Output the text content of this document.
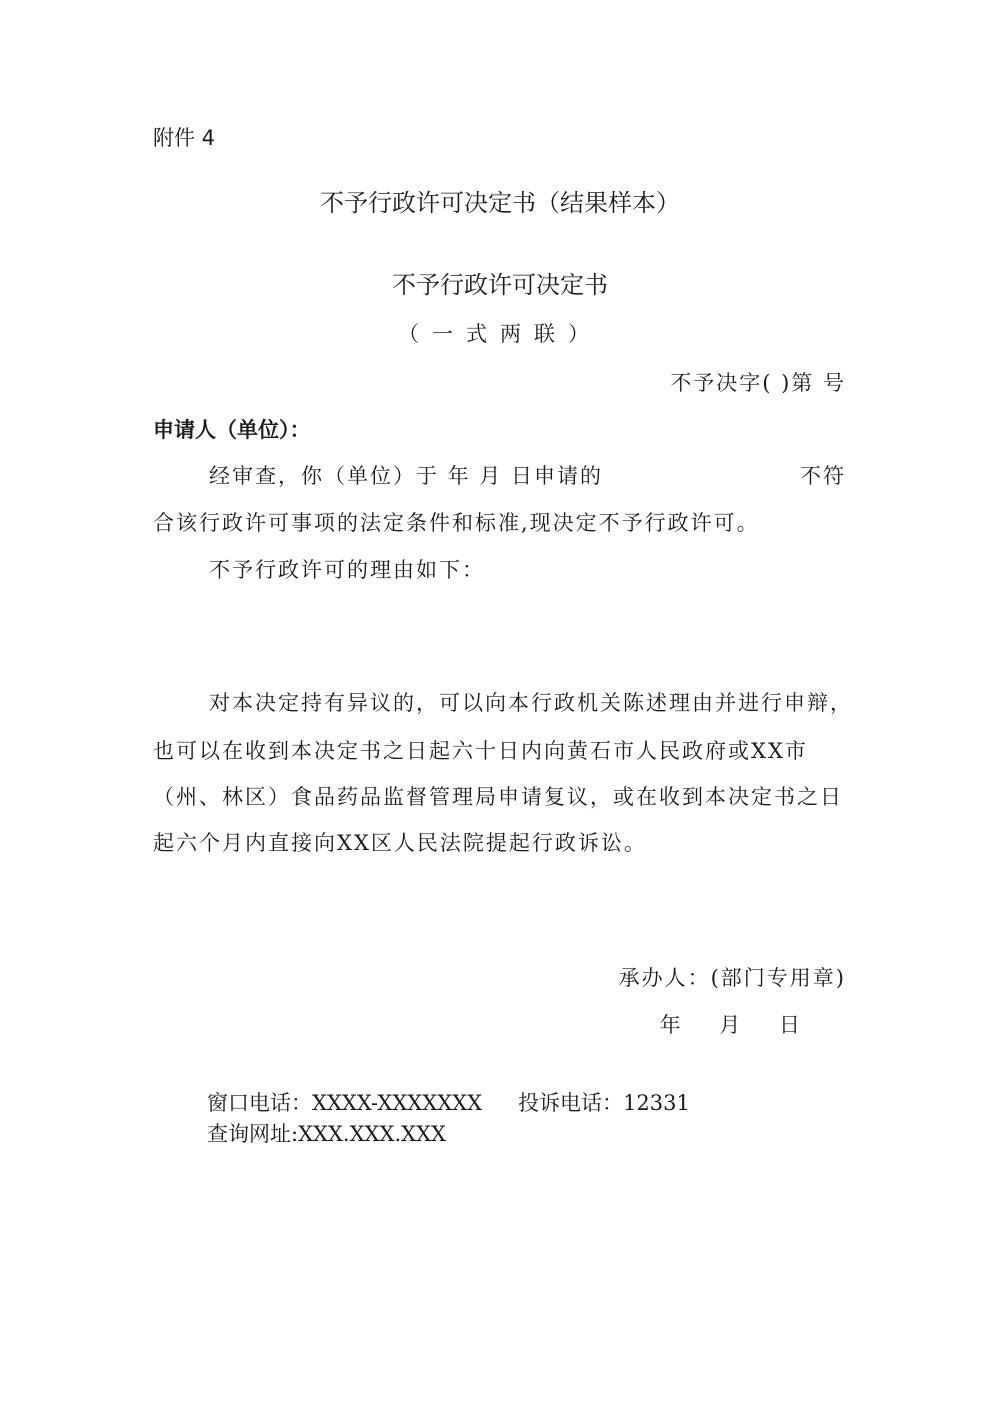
附件 4
不予行政许可决定书（结果样本）
不予行政许可决定书
（一式两联）
不予决字( )第 号
申请人（单位）：
经审查，你（单位）于 年 月 日申请的	不符
合该行政许可事项的法定条件和标准,现决定不予行政许可。
不予行政许可的理由如下：
对本决定持有异议的，可以向本行政机关陈述理由并进行申辩，
也可以在收到本决定书之日起六十日内向黄石市人民政府或XX市
（州、林区）食品药品监督管理局申请复议，或在收到本决定书之日
起六个月内直接向XX区人民法院提起行政诉讼。
承办人：(部门专用章)
年 月 日
窗口电话：XXXX-XXXXXXX 投诉电话：12331
查询网址:XXX.XXX.XXX
